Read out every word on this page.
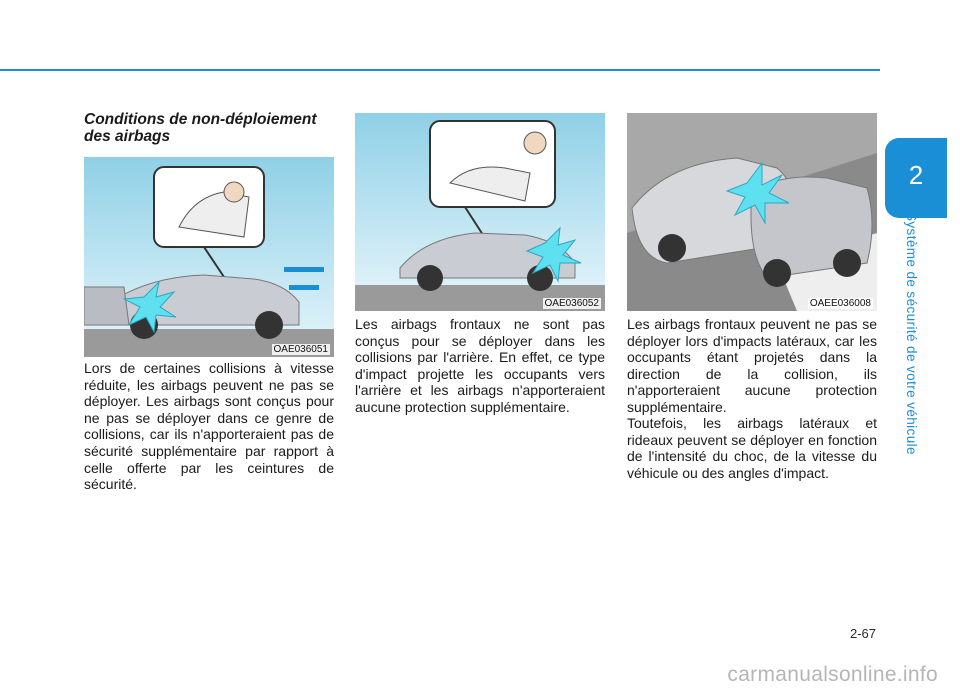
2
Système de sécurité de votre véhicule
Conditions de non-déploiement des airbags
OAE036051
OAE036052	OAEE036008

Lors de certaines collisions à vitesse réduite, les airbags peuvent ne pas se déployer. Les airbags sont conçus pour ne pas se déployer dans ce genre de collisions, car ils n'apporteraient pas de sécurité supplémentaire par rapport à celle offerte par les ceintures de sécurité.

Les airbags frontaux ne sont pas conçus pour se déployer dans les collisions par l'arrière. En effet, ce type d'impact projette les occupants vers l'arrière et les airbags n'apporteraient aucune protection supplémentaire.

Les airbags frontaux peuvent ne pas se déployer lors d'impacts latéraux, car les occupants étant projetés dans la direction de la collision, ils n'apporteraient aucune protection supplémentaire.

Toutefois, les airbags latéraux et rideaux peuvent se déployer en fonction de l'intensité du choc, de la vitesse du véhicule ou des angles d'impact.

2-67
carmanualsonline.info
